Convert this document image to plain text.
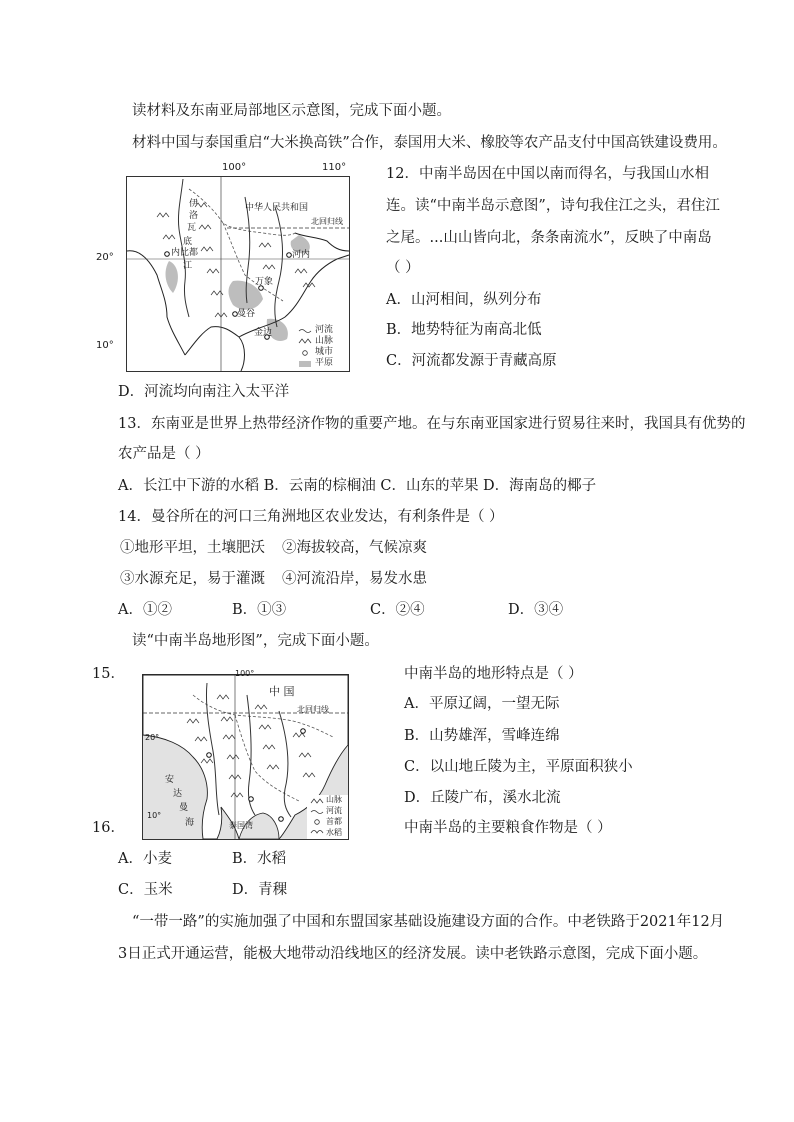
读材料及东南亚局部地区示意图，完成下面小题。
材料中国与泰国重启“大米换高铁”合作，泰国用大米、橡胶等农产品支付中国高铁建设费用。
中华人民共和国
北回归线
伊
洛
瓦
底
江
内比都	河内
万象
曼谷
金边	河流
山脉
城市
平原
100°	110°
20°
10°
12．中南半岛因在中国以南而得名，与我国山水相
连。读“中南半岛示意图”，诗句我住江之头，君住江
之尾。...山山皆向北，条条南流水”，反映了中南岛
（ ）
A．山河相间，纵列分布
B．地势特征为南高北低
C．河流都发源于青藏高原
D．河流均向南注入太平洋
13．东南亚是世界上热带经济作物的重要产地。在与东南亚国家进行贸易往来时，我国具有优势的
农产品是（ ）
A．长江中下游的水稻 B．云南的棕榈油 C．山东的苹果 D．海南岛的椰子
14．曼谷所在的河口三角洲地区农业发达，有利条件是（ ）
①地形平坦，土壤肥沃 ②海拔较高，气候凉爽
③水源充足，易于灌溉 ④河流沿岸，易发水患
A．①②	B．①③	C．②④	D．③④
读“中南半岛地形图”，完成下面小题。
100°
中 国
北回归线
20°
10°
安
达
曼
海	泰国湾
山脉
河流
首都
水稻
15．	中南半岛的地形特点是（ ）
A．平原辽阔，一望无际
B．山势雄浑，雪峰连绵
C．以山地丘陵为主，平原面积狭小
D．丘陵广布，溪水北流
16．	中南半岛的主要粮食作物是（ ）
A．小麦	B．水稻
C．玉米	D．青稞
“一带一路”的实施加强了中国和东盟国家基础设施建设方面的合作。中老铁路于2021年12月
3日正式开通运营，能极大地带动沿线地区的经济发展。读中老铁路示意图，完成下面小题。
